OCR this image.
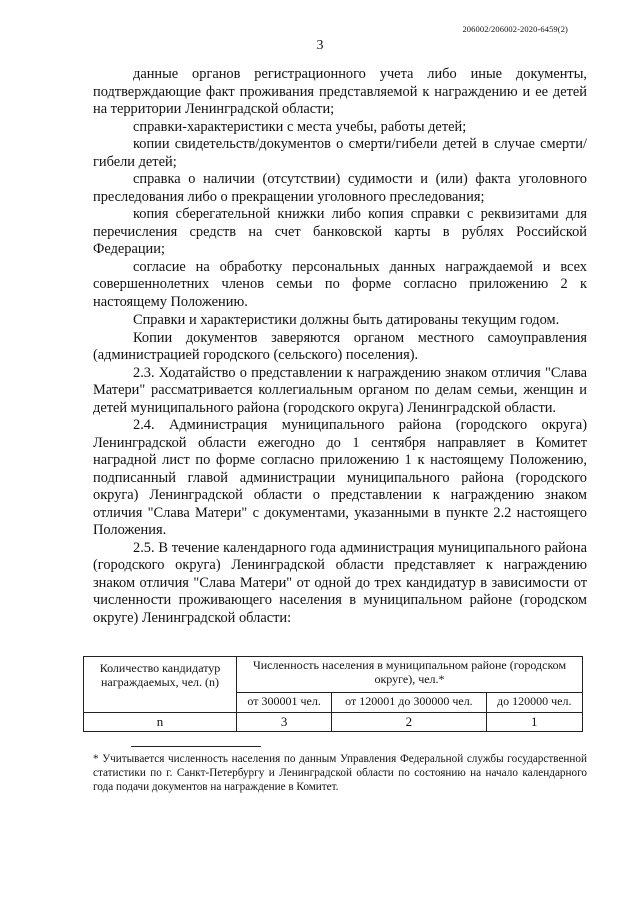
206002/206002-2020-6459(2)
3

данные органов регистрационного учета либо иные документы, подтверждающие факт проживания представляемой к награждению и ее детей на территории Ленинградской области;

справки-характеристики с места учебы, работы детей;

копии свидетельств/документов о смерти/гибели детей в случае смерти/гибели детей;

справка о наличии (отсутствии) судимости и (или) факта уголовного преследования либо о прекращении уголовного преследования;

копия сберегательной книжки либо копия справки с реквизитами для перечисления средств на счет банковской карты в рублях Российской Федерации;

согласие на обработку персональных данных награждаемой и всех совершеннолетних членов семьи по форме согласно приложению 2 к настоящему Положению.

Справки и характеристики должны быть датированы текущим годом.

Копии документов заверяются органом местного самоуправления (администрацией городского (сельского) поселения).

2.3. Ходатайство о представлении к награждению знаком отличия "Слава Матери" рассматривается коллегиальным органом по делам семьи, женщин и детей муниципального района (городского округа) Ленинградской области.

2.4. Администрация муниципального района (городского округа) Ленинградской области ежегодно до 1 сентября направляет в Комитет наградной лист по форме согласно приложению 1 к настоящему Положению, подписанный главой администрации муниципального района (городского округа) Ленинградской области о представлении к награждению знаком отличия "Слава Матери" с документами, указанными в пункте 2.2 настоящего Положения.

2.5. В течение календарного года администрация муниципального района (городского округа) Ленинградской области представляет к награждению знаком отличия "Слава Матери" от одной до трех кандидатур в зависимости от численности проживающего населения в муниципальном районе (городском округе) Ленинградской области:

Количество кандидатур награждаемых, чел. (n)	Численность населения в муниципальном районе (городском округе), чел.*		
	от 300001 чел.	от 120001 до 300000 чел.	до 120000 чел.
n	3	2	1
* Учитывается численность населения по данным Управления Федеральной службы государственной статистики по г. Санкт-Петербургу и Ленинградской области по состоянию на начало календарного года подачи документов на награждение в Комитет.
